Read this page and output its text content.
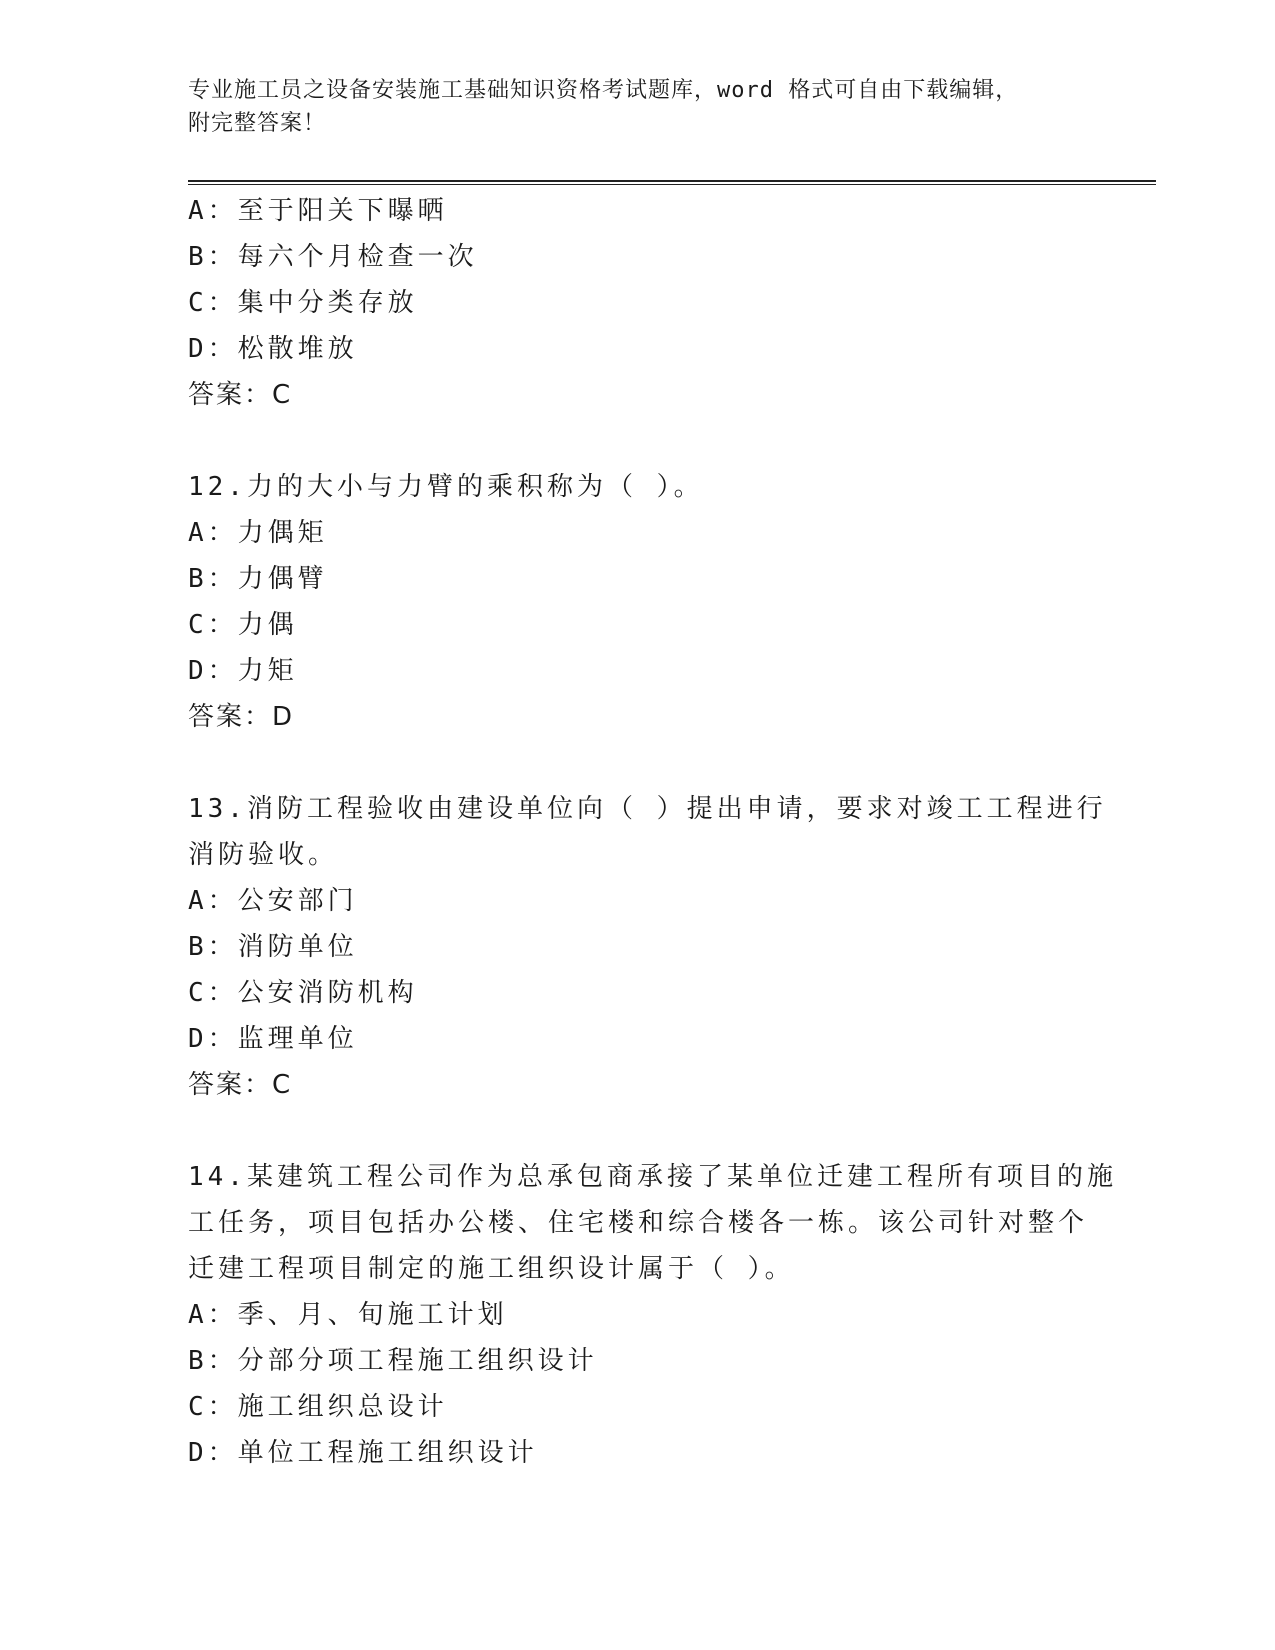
专业施工员之设备安装施工基础知识资格考试题库，word 格式可自由下载编辑，
附完整答案！
A：至于阳关下曝晒
B：每六个月检查一次
C：集中分类存放
D：松散堆放
答案：C
12.力的大小与力臂的乘积称为（ ）。
A：力偶矩
B：力偶臂
C：力偶
D：力矩
答案：D
13.消防工程验收由建设单位向（ ）提出申请，要求对竣工工程进行
消防验收。
A：公安部门
B：消防单位
C：公安消防机构
D：监理单位
答案：C
14.某建筑工程公司作为总承包商承接了某单位迁建工程所有项目的施
工任务，项目包括办公楼、住宅楼和综合楼各一栋。该公司针对整个
迁建工程项目制定的施工组织设计属于（ ）。
A：季、月、旬施工计划
B：分部分项工程施工组织设计
C：施工组织总设计
D：单位工程施工组织设计
